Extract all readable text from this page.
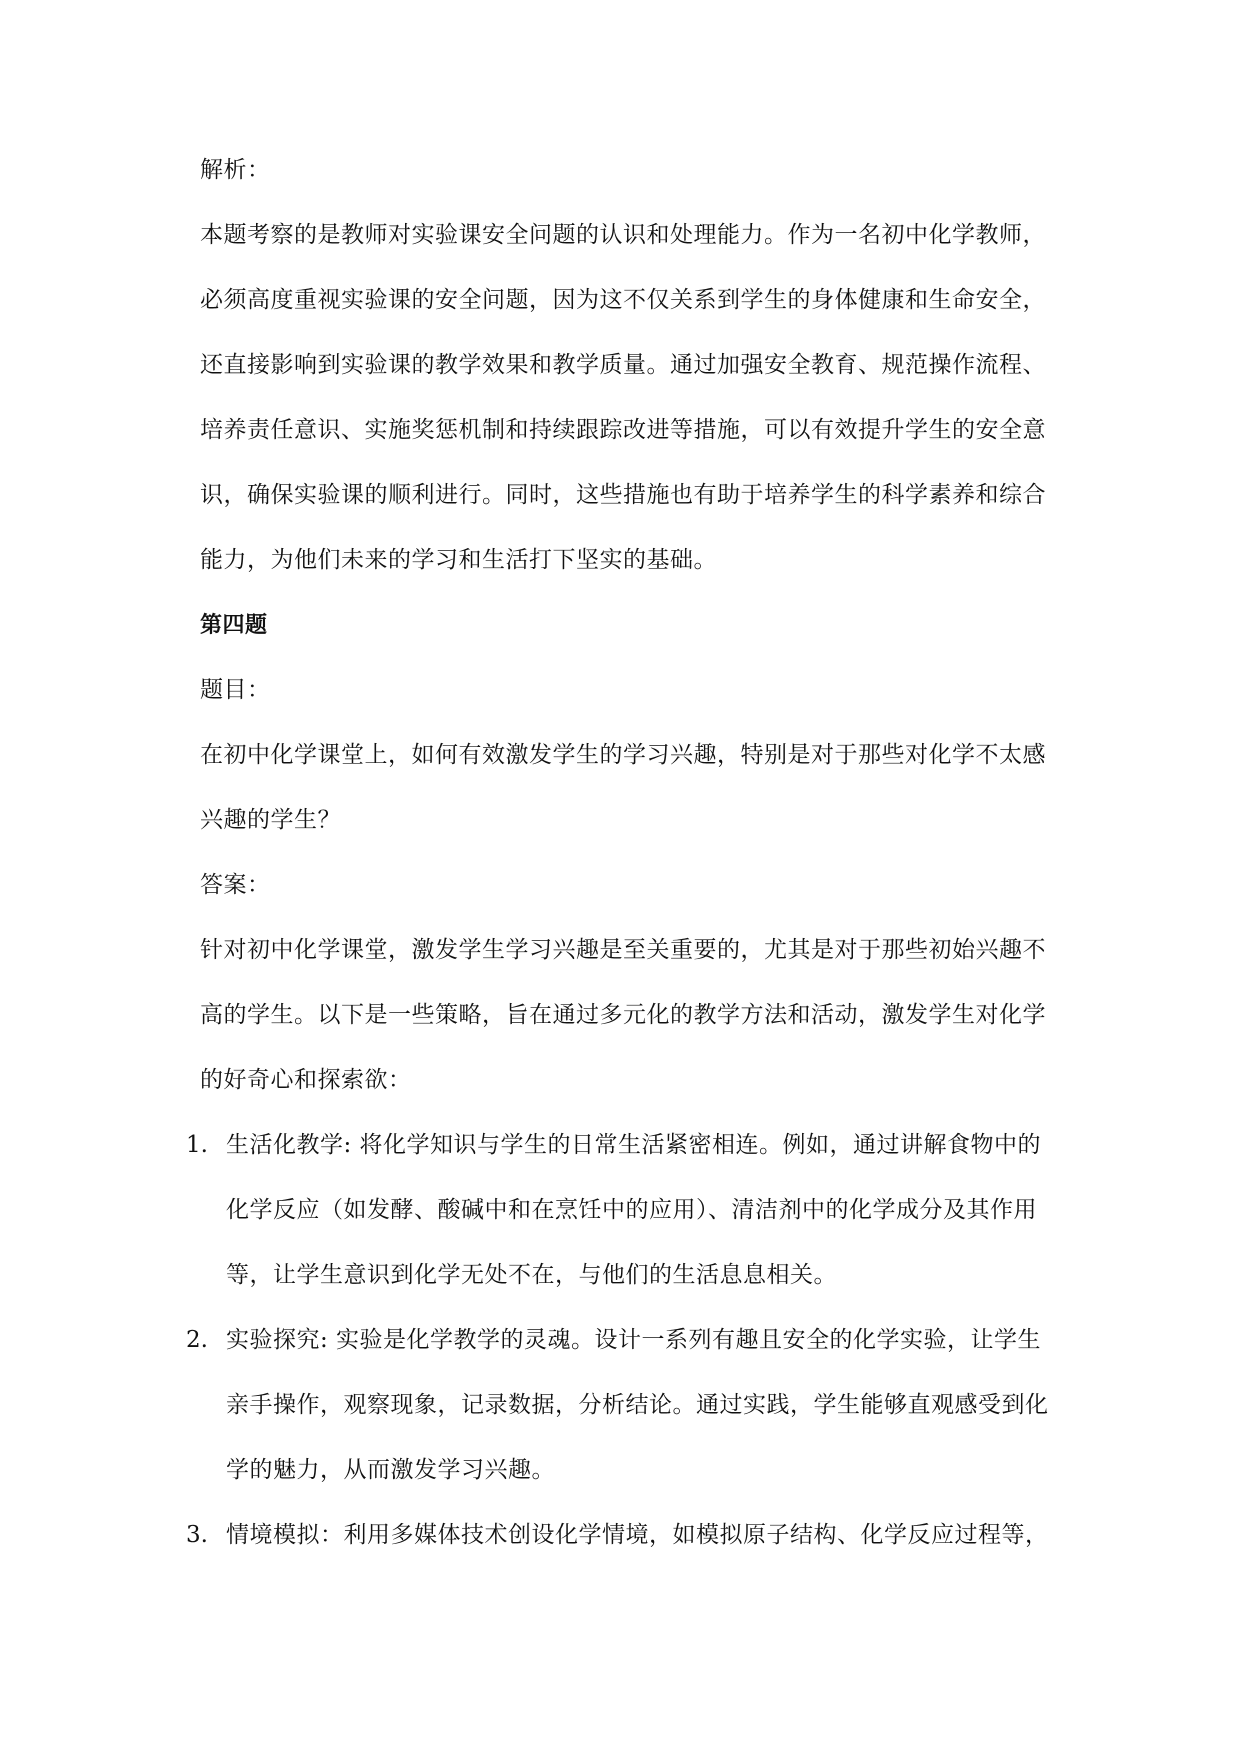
解析：
本题考察的是教师对实验课安全问题的认识和处理能力。作为一名初中化学教师，
必须高度重视实验课的安全问题，因为这不仅关系到学生的身体健康和生命安全，
还直接影响到实验课的教学效果和教学质量。通过加强安全教育、规范操作流程、
培养责任意识、实施奖惩机制和持续跟踪改进等措施，可以有效提升学生的安全意
识，确保实验课的顺利进行。同时，这些措施也有助于培养学生的科学素养和综合
能力，为他们未来的学习和生活打下坚实的基础。
第四题
题目：
在初中化学课堂上，如何有效激发学生的学习兴趣，特别是对于那些对化学不太感
兴趣的学生？
答案：
针对初中化学课堂，激发学生学习兴趣是至关重要的，尤其是对于那些初始兴趣不
高的学生。以下是一些策略，旨在通过多元化的教学方法和活动，激发学生对化学
的好奇心和探索欲：
1. 生活化教学: 将化学知识与学生的日常生活紧密相连。例如，通过讲解食物中的
化学反应（如发酵、酸碱中和在烹饪中的应用）、清洁剂中的化学成分及其作用
等，让学生意识到化学无处不在，与他们的生活息息相关。
2. 实验探究: 实验是化学教学的灵魂。设计一系列有趣且安全的化学实验，让学生
亲手操作，观察现象，记录数据，分析结论。通过实践，学生能够直观感受到化
学的魅力，从而激发学习兴趣。
3. 情境模拟：利用多媒体技术创设化学情境，如模拟原子结构、化学反应过程等，
